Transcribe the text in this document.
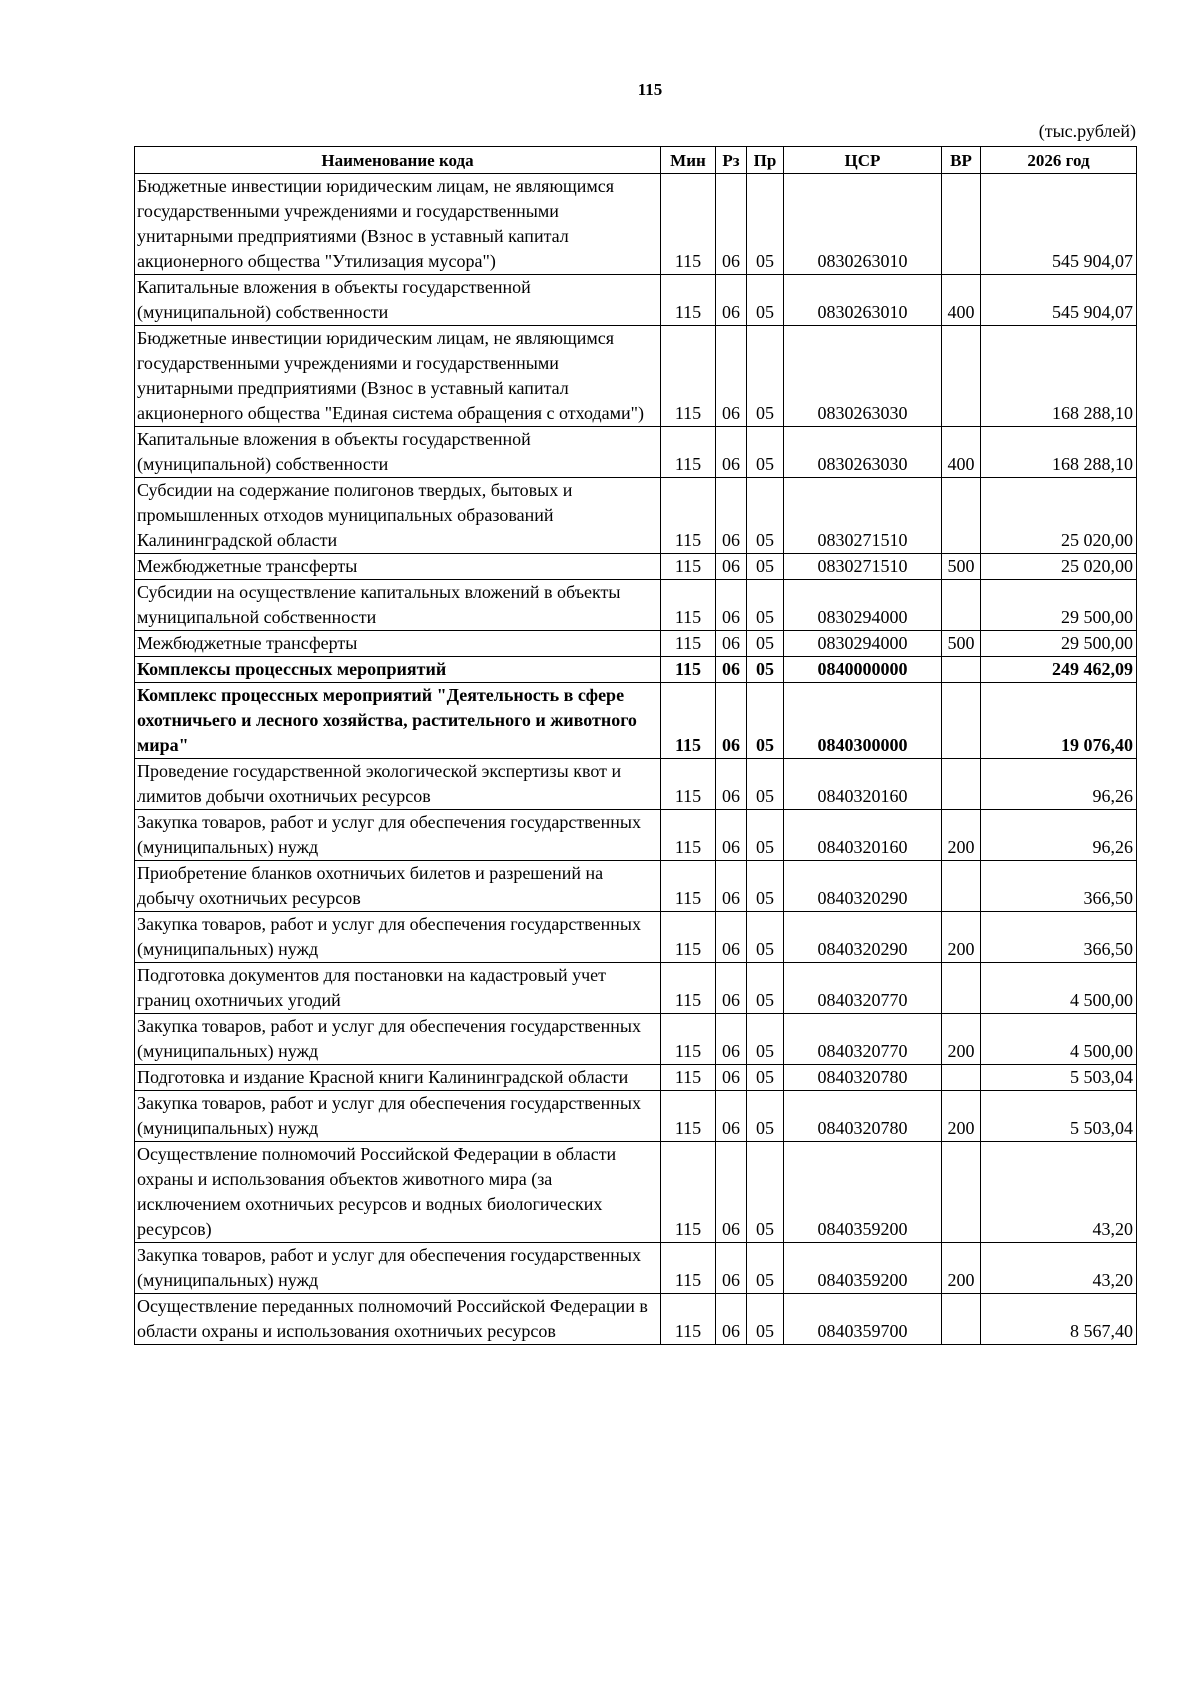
115
(тыс.рублей)
Наименование кода	Мин	Рз	Пр	ЦСР	ВР	2026 год
Бюджетные инвестиции юридическим лицам, не являющимся государственными учреждениями и государственными унитарными предприятиями (Взнос в уставный капитал акционерного общества "Утилизация мусора")	115	06	05	0830263010		545 904,07
Капитальные вложения в объекты государственной (муниципальной) собственности	115	06	05	0830263010	400	545 904,07
Бюджетные инвестиции юридическим лицам, не являющимся государственными учреждениями и государственными унитарными предприятиями (Взнос в уставный капитал акционерного общества "Единая система обращения с отходами")	115	06	05	0830263030		168 288,10
Капитальные вложения в объекты государственной (муниципальной) собственности	115	06	05	0830263030	400	168 288,10
Субсидии на содержание полигонов твердых, бытовых и промышленных отходов муниципальных образований Калининградской области	115	06	05	0830271510		25 020,00
Межбюджетные трансферты	115	06	05	0830271510	500	25 020,00
Субсидии на осуществление капитальных вложений в объекты муниципальной собственности	115	06	05	0830294000		29 500,00
Межбюджетные трансферты	115	06	05	0830294000	500	29 500,00
Комплексы процессных мероприятий	115	06	05	0840000000		249 462,09
Комплекс процессных мероприятий "Деятельность в сфере охотничьего и лесного хозяйства, растительного и животного мира"	115	06	05	0840300000		19 076,40
Проведение государственной экологической экспертизы квот и лимитов добычи охотничьих ресурсов	115	06	05	0840320160		96,26
Закупка товаров, работ и услуг для обеспечения государственных (муниципальных) нужд	115	06	05	0840320160	200	96,26
Приобретение бланков охотничьих билетов и разрешений на добычу охотничьих ресурсов	115	06	05	0840320290		366,50
Закупка товаров, работ и услуг для обеспечения государственных (муниципальных) нужд	115	06	05	0840320290	200	366,50
Подготовка документов для постановки на кадастровый учет границ охотничьих угодий	115	06	05	0840320770		4 500,00
Закупка товаров, работ и услуг для обеспечения государственных (муниципальных) нужд	115	06	05	0840320770	200	4 500,00
Подготовка и издание Красной книги Калининградской области	115	06	05	0840320780		5 503,04
Закупка товаров, работ и услуг для обеспечения государственных (муниципальных) нужд	115	06	05	0840320780	200	5 503,04
Осуществление полномочий Российской Федерации в области охраны и использования объектов животного мира (за исключением охотничьих ресурсов и водных биологических ресурсов)	115	06	05	0840359200		43,20
Закупка товаров, работ и услуг для обеспечения государственных (муниципальных) нужд	115	06	05	0840359200	200	43,20
Осуществление переданных полномочий Российской Федерации в области охраны и использования охотничьих ресурсов	115	06	05	0840359700		8 567,40
